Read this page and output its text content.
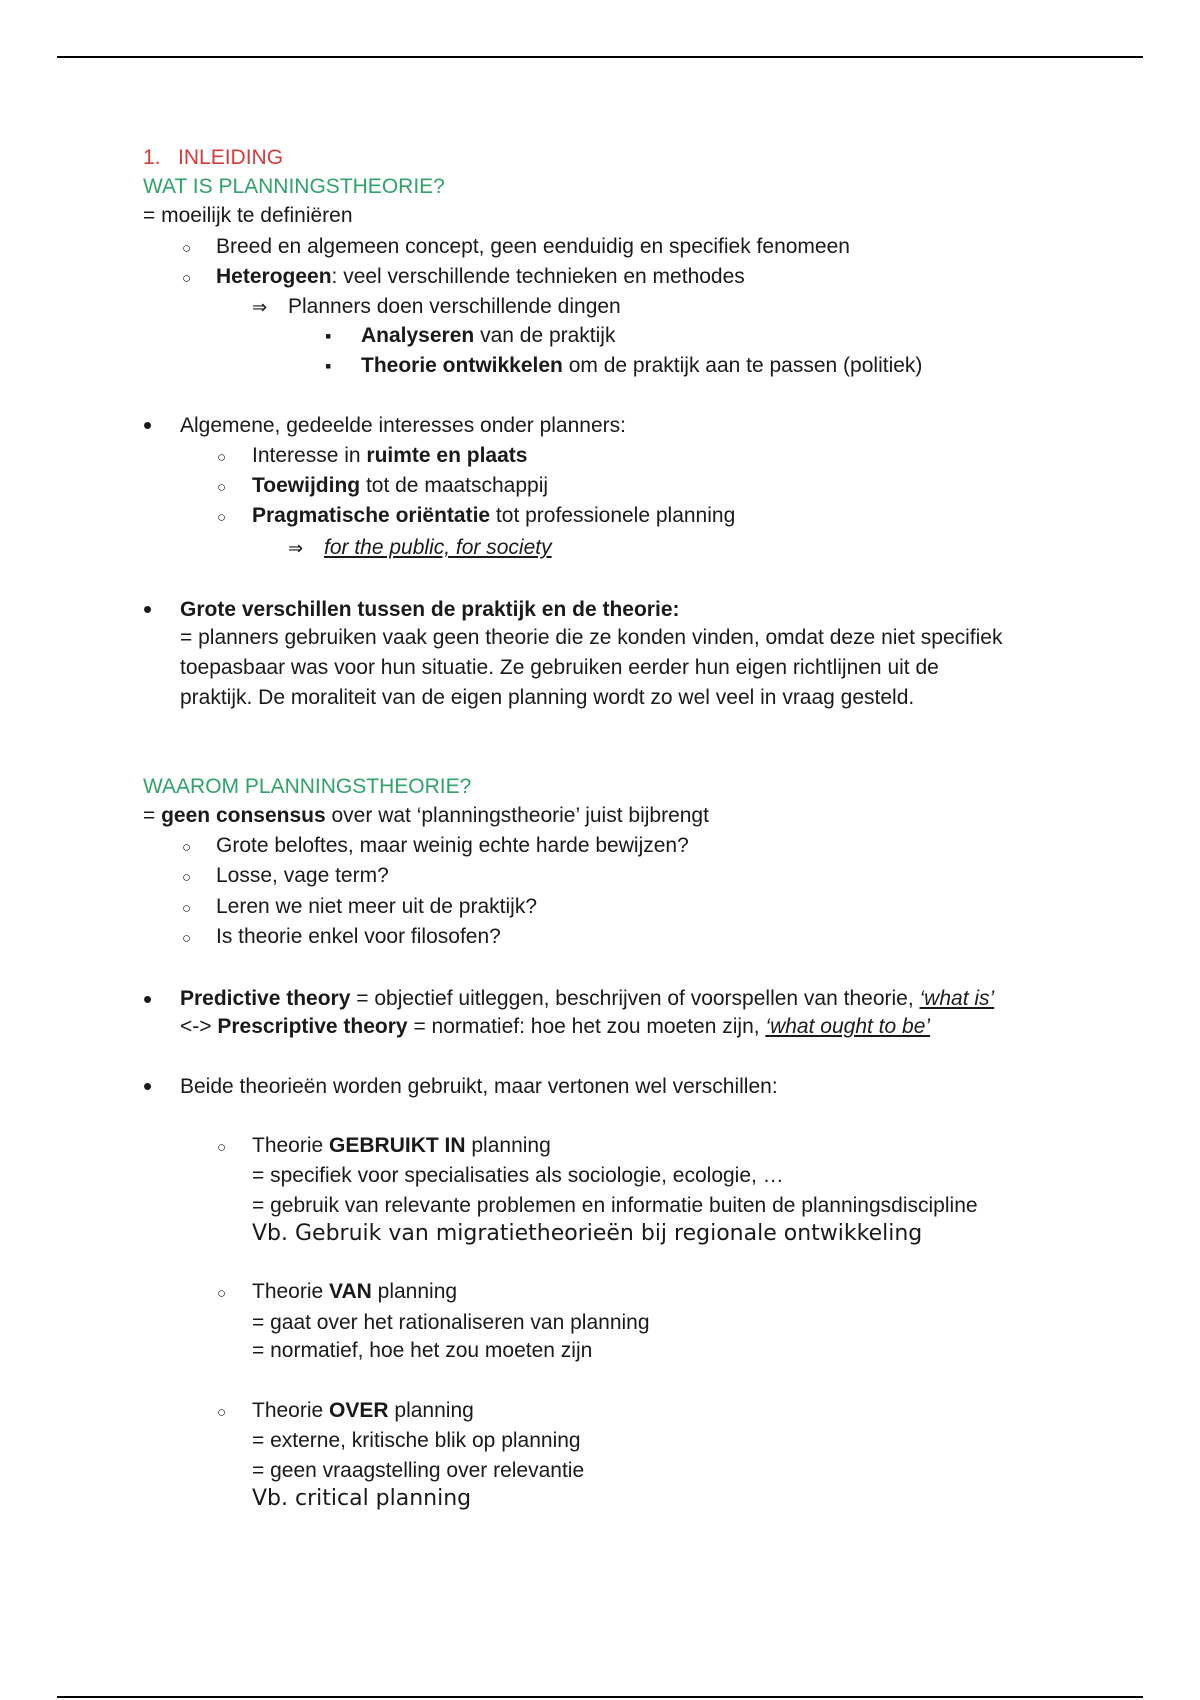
1. INLEIDING
WAT IS PLANNINGSTHEORIE?
= moeilijk te definiëren
○
Breed en algemeen concept, geen eenduidig en specifiek fenomeen
○
Heterogeen: veel verschillende technieken en methodes
⇒
Planners doen verschillende dingen
▪
Analyseren van de praktijk
▪
Theorie ontwikkelen om de praktijk aan te passen (politiek)
•
Algemene, gedeelde interesses onder planners:
○
Interesse in ruimte en plaats
○
Toewijding tot de maatschappij
○
Pragmatische oriëntatie tot professionele planning
⇒
for the public, for society
•
Grote verschillen tussen de praktijk en de theorie:
= planners gebruiken vaak geen theorie die ze konden vinden, omdat deze niet specifiek
toepasbaar was voor hun situatie. Ze gebruiken eerder hun eigen richtlijnen uit de
praktijk. De moraliteit van de eigen planning wordt zo wel veel in vraag gesteld.
WAAROM PLANNINGSTHEORIE?
= geen consensus over wat ‘planningstheorie’ juist bijbrengt
○
Grote beloftes, maar weinig echte harde bewijzen?
○
Losse, vage term?
○
Leren we niet meer uit de praktijk?
○
Is theorie enkel voor filosofen?
•
Predictive theory = objectief uitleggen, beschrijven of voorspellen van theorie, ‘what is’
<-> Prescriptive theory = normatief: hoe het zou moeten zijn, ‘what ought to be’
•
Beide theorieën worden gebruikt, maar vertonen wel verschillen:
○
Theorie GEBRUIKT IN planning
= specifiek voor specialisaties als sociologie, ecologie, …
= gebruik van relevante problemen en informatie buiten de planningsdiscipline
Vb. Gebruik van migratietheorieën bij regionale ontwikkeling
○
Theorie VAN planning
= gaat over het rationaliseren van planning
= normatief, hoe het zou moeten zijn
○
Theorie OVER planning
= externe, kritische blik op planning
= geen vraagstelling over relevantie
Vb. critical planning
